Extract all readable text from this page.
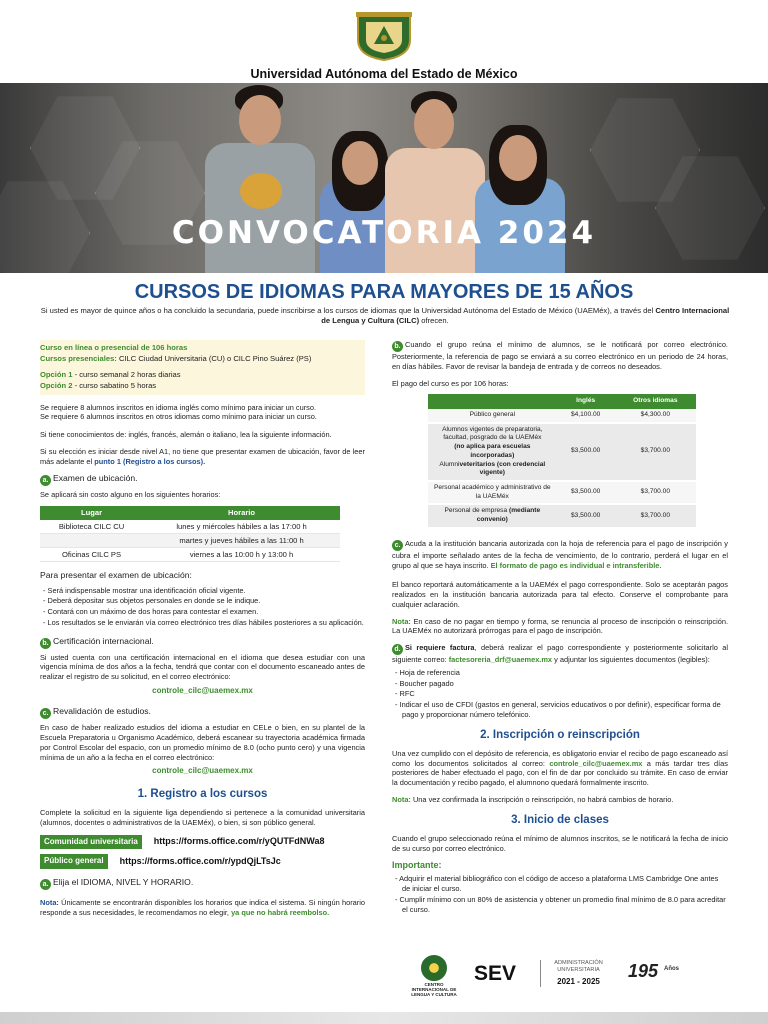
Universidad Autónoma del Estado de México
CONVOCATORIA 2024
CURSOS DE IDIOMAS PARA MAYORES DE 15 AÑOS
Si usted es mayor de quince años o ha concluido la secundaria, puede inscribirse a los cursos de idiomas que la Universidad Autónoma del Estado de México (UAEMéx), a través del Centro Internacional de Lengua y Cultura (CILC) ofrecen.
Curso en línea o presencial de 106 horas
Cursos presenciales: CILC Ciudad Universitaria (CU) o CILC Pino Suárez (PS)
Opción 1 - curso semanal 2 horas diarias
Opción 2 - curso sabatino 5 horas

Se requiere 8 alumnos inscritos en idioma inglés como mínimo para iniciar un curso.
Se requiere 6 alumnos inscritos en otros idiomas como mínimo para iniciar un curso.

Si tiene conocimientos de: inglés, francés, alemán o italiano, lea la siguiente información.

Si su elección es iniciar desde nivel A1, no tiene que presentar examen de ubicación, favor de leer más adelante el punto 1 (Registro a los cursos).

a. Examen de ubicación.

Se aplicará sin costo alguno en los siguientes horarios:

Lugar	Horario
Biblioteca CILC CU	lunes y miércoles hábiles a las 17:00 h
	martes y jueves hábiles a las 11:00 h
Oficinas CILC PS	viernes a las 10:00 h y 13:00 h
Para presentar el examen de ubicación:
- Será indispensable mostrar una identificación oficial vigente.
- Deberá depositar sus objetos personales en donde se le indique.
- Contará con un máximo de dos horas para contestar el examen.
- Los resultados se le enviarán vía correo electrónico tres días hábiles posteriores a su aplicación.
b. Certificación internacional.

Si usted cuenta con una certificación internacional en el idioma que desea estudiar con una vigencia mínima de dos años a la fecha, tendrá que contar con el documento escaneado antes de realizar el registro de su solicitud, en el correo electrónico:

controle_cilc@uaemex.mx
c. Revalidación de estudios.

En caso de haber realizado estudios del idioma a estudiar en CELe o bien, en su plantel de la Escuela Preparatoria u Organismo Académico, deberá escanear su trayectoria académica firmada por Control Escolar del espacio, con un promedio mínimo de 8.0 (ocho punto cero) y una vigencia mínima de un año a la fecha en el correo electrónico:

controle_cilc@uaemex.mx
1. Registro a los cursos

Complete la solicitud en la siguiente liga dependiendo si pertenece a la comunidad universitaria (alumnos, docentes o administrativos de la UAEMéx), o bien, si son público general.

Comunidad universitaria	https://forms.office.com/r/yQUTFdNWa8
Público general	https://forms.office.com/r/ypdQjLTsJc
a. Elija el IDIOMA, NIVEL Y HORARIO.

Nota: Únicamente se encontrarán disponibles los horarios que indica el sistema. Si ningún horario responde a sus necesidades, le recomendamos no elegir, ya que no habrá reembolso.

b. Cuando el grupo reúna el mínimo de alumnos, se le notificará por correo electrónico. Posteriormente, la referencia de pago se enviará a su correo electrónico en un periodo de 24 horas, en días hábiles. Favor de revisar la bandeja de entrada y de correos no deseados.

El pago del curso es por 106 horas:

	Inglés	Otros idiomas
Público general	$4,100.00	$4,300.00
Alumnos vigentes de preparatoria, facultad, posgrado de la UAEMéx
(no aplica para escuelas incorporadas)
Alumniveteritarios (con credencial vigente)	$3,500.00	$3,700.00
Personal académico y administrativo de la UAEMéx	$3,500.00	$3,700.00
Personal de empresa (mediante convenio)	$3,500.00	$3,700.00

c. Acuda a la institución bancaria autorizada con la hoja de referencia para el pago de inscripción y cubra el importe señalado antes de la fecha de vencimiento, de lo contrario, perderá el lugar en el grupo al que se haya inscrito. El formato de pago es individual e intransferible.

El banco reportará automáticamente a la UAEMéx el pago correspondiente. Solo se aceptarán pagos realizados en la institución bancaria autorizada para tal efecto. Conserve el comprobante para cualquier aclaración.

Nota: En caso de no pagar en tiempo y forma, se renuncia al proceso de inscripción o reinscripción. La UAEMéx no autorizará prórrogas para el pago de inscripción.

d. Si requiere factura, deberá realizar el pago correspondiente y posteriormente solicitarlo al siguiente correo: factesoreria_drf@uaemex.mx y adjuntar los siguientes documentos (legibles):

- Hoja de referencia
- Boucher pagado
- RFC
- Indicar el uso de CFDI (gastos en general, servicios educativos o por definir), especificar forma de pago y proporcionar número telefónico.
2. Inscripción o reinscripción

Una vez cumplido con el depósito de referencia, es obligatorio enviar el recibo de pago escaneado así como los documentos solicitados al correo: controle_cilc@uaemex.mx a más tardar tres días posteriores de haber efectuado el pago, con el fin de dar por concluido su trámite. En caso de enviar la documentación y recibo pagado, el alumnono quedará formalmente inscrito.

Nota: Una vez confirmada la inscripción o reinscripción, no habrá cambios de horario.

3. Inicio de clases

Cuando el grupo seleccionado reúna el mínimo de alumnos inscritos, se le notificará la fecha de inicio de su curso por correo electrónico.

Importante:
- Adquirir el material bibliográfico con el código de acceso a plataforma LMS Cambridge One antes de iniciar el curso.
- Cumplir mínimo con un 80% de asistencia y obtener un promedio final mínimo de 8.0 para acreditar el curso.
CENTRO INTERNACIONAL DE LENGUA Y CULTURA
SEV	ADMINISTRACIÓN
UNIVERSITARIA
2021 - 2025
195 Años
